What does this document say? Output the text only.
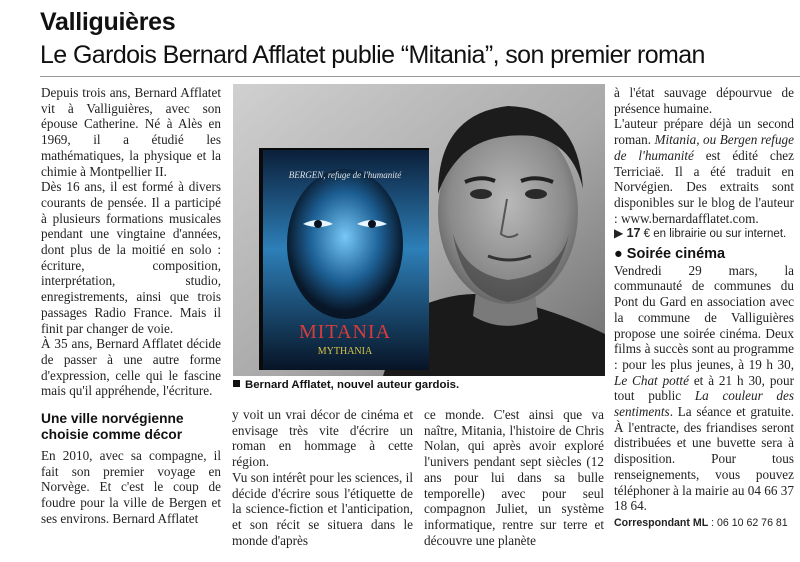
Valliguières
Le Gardois Bernard Afflatet publie “Mitania”, son premier roman

Depuis trois ans, Bernard Afflatet vit à Valliguières, avec son épouse Catherine. Né à Alès en 1969, il a étudié les mathématiques, la physique et la chimie à Montpellier II.

Dès 16 ans, il est formé à divers courants de pensée. Il a participé à plusieurs formations musicales pendant une vingtaine d'années, dont plus de la moitié en solo : écriture, composition, interprétation, studio, enregistrements, ainsi que trois passages Radio France. Mais il finit par changer de voie.

À 35 ans, Bernard Afflatet décide de passer à une autre forme d'expression, celle qui le fascine mais qu'il appréhende, l'écriture.

Une ville norvégienne choisie comme décor

En 2010, avec sa compagne, il fait son premier voyage en Norvège. Et c'est le coup de foudre pour la ville de Bergen et ses environs. Bernard Afflatet

BERGEN, refuge de l'humanité
MITANIA
MYTHANIA
Bernard Afflatet, nouvel auteur gardois.

y voit un vrai décor de cinéma et envisage très vite d'écrire un roman en hommage à cette région.

Vu son intérêt pour les sciences, il décide d'écrire sous l'étiquette de la science-fiction et l'anticipation, et son récit se situera dans le monde d'après

ce monde. C'est ainsi que va naître, Mitania, l'histoire de Chris Nolan, qui après avoir exploré l'univers pendant sept siècles (12 ans pour lui dans sa bulle temporelle) avec pour seul compagnon Juliet, un système informatique, rentre sur terre et découvre une planète

à l'état sauvage dépourvue de présence humaine.

L'auteur prépare déjà un second roman. Mitania, ou Bergen refuge de l'humanité est édité chez Terriciaë. Il a été traduit en Norvégien. Des extraits sont disponibles sur le blog de l'auteur : www.bernardafflatet.com.

▶ 17 € en librairie ou sur internet.

● Soirée cinéma

Vendredi 29 mars, la communauté de communes du Pont du Gard en association avec la commune de Valliguières propose une soirée cinéma. Deux films à succès sont au programme : pour les plus jeunes, à 19 h 30, Le Chat potté et à 21 h 30, pour tout public La couleur des sentiments. La séance et gratuite. À l'entracte, des friandises seront distribuées et une buvette sera à disposition. Pour tous renseignements, vous pouvez téléphoner à la mairie au 04 66 37 18 64.

Correspondant ML : 06 10 62 76 81
